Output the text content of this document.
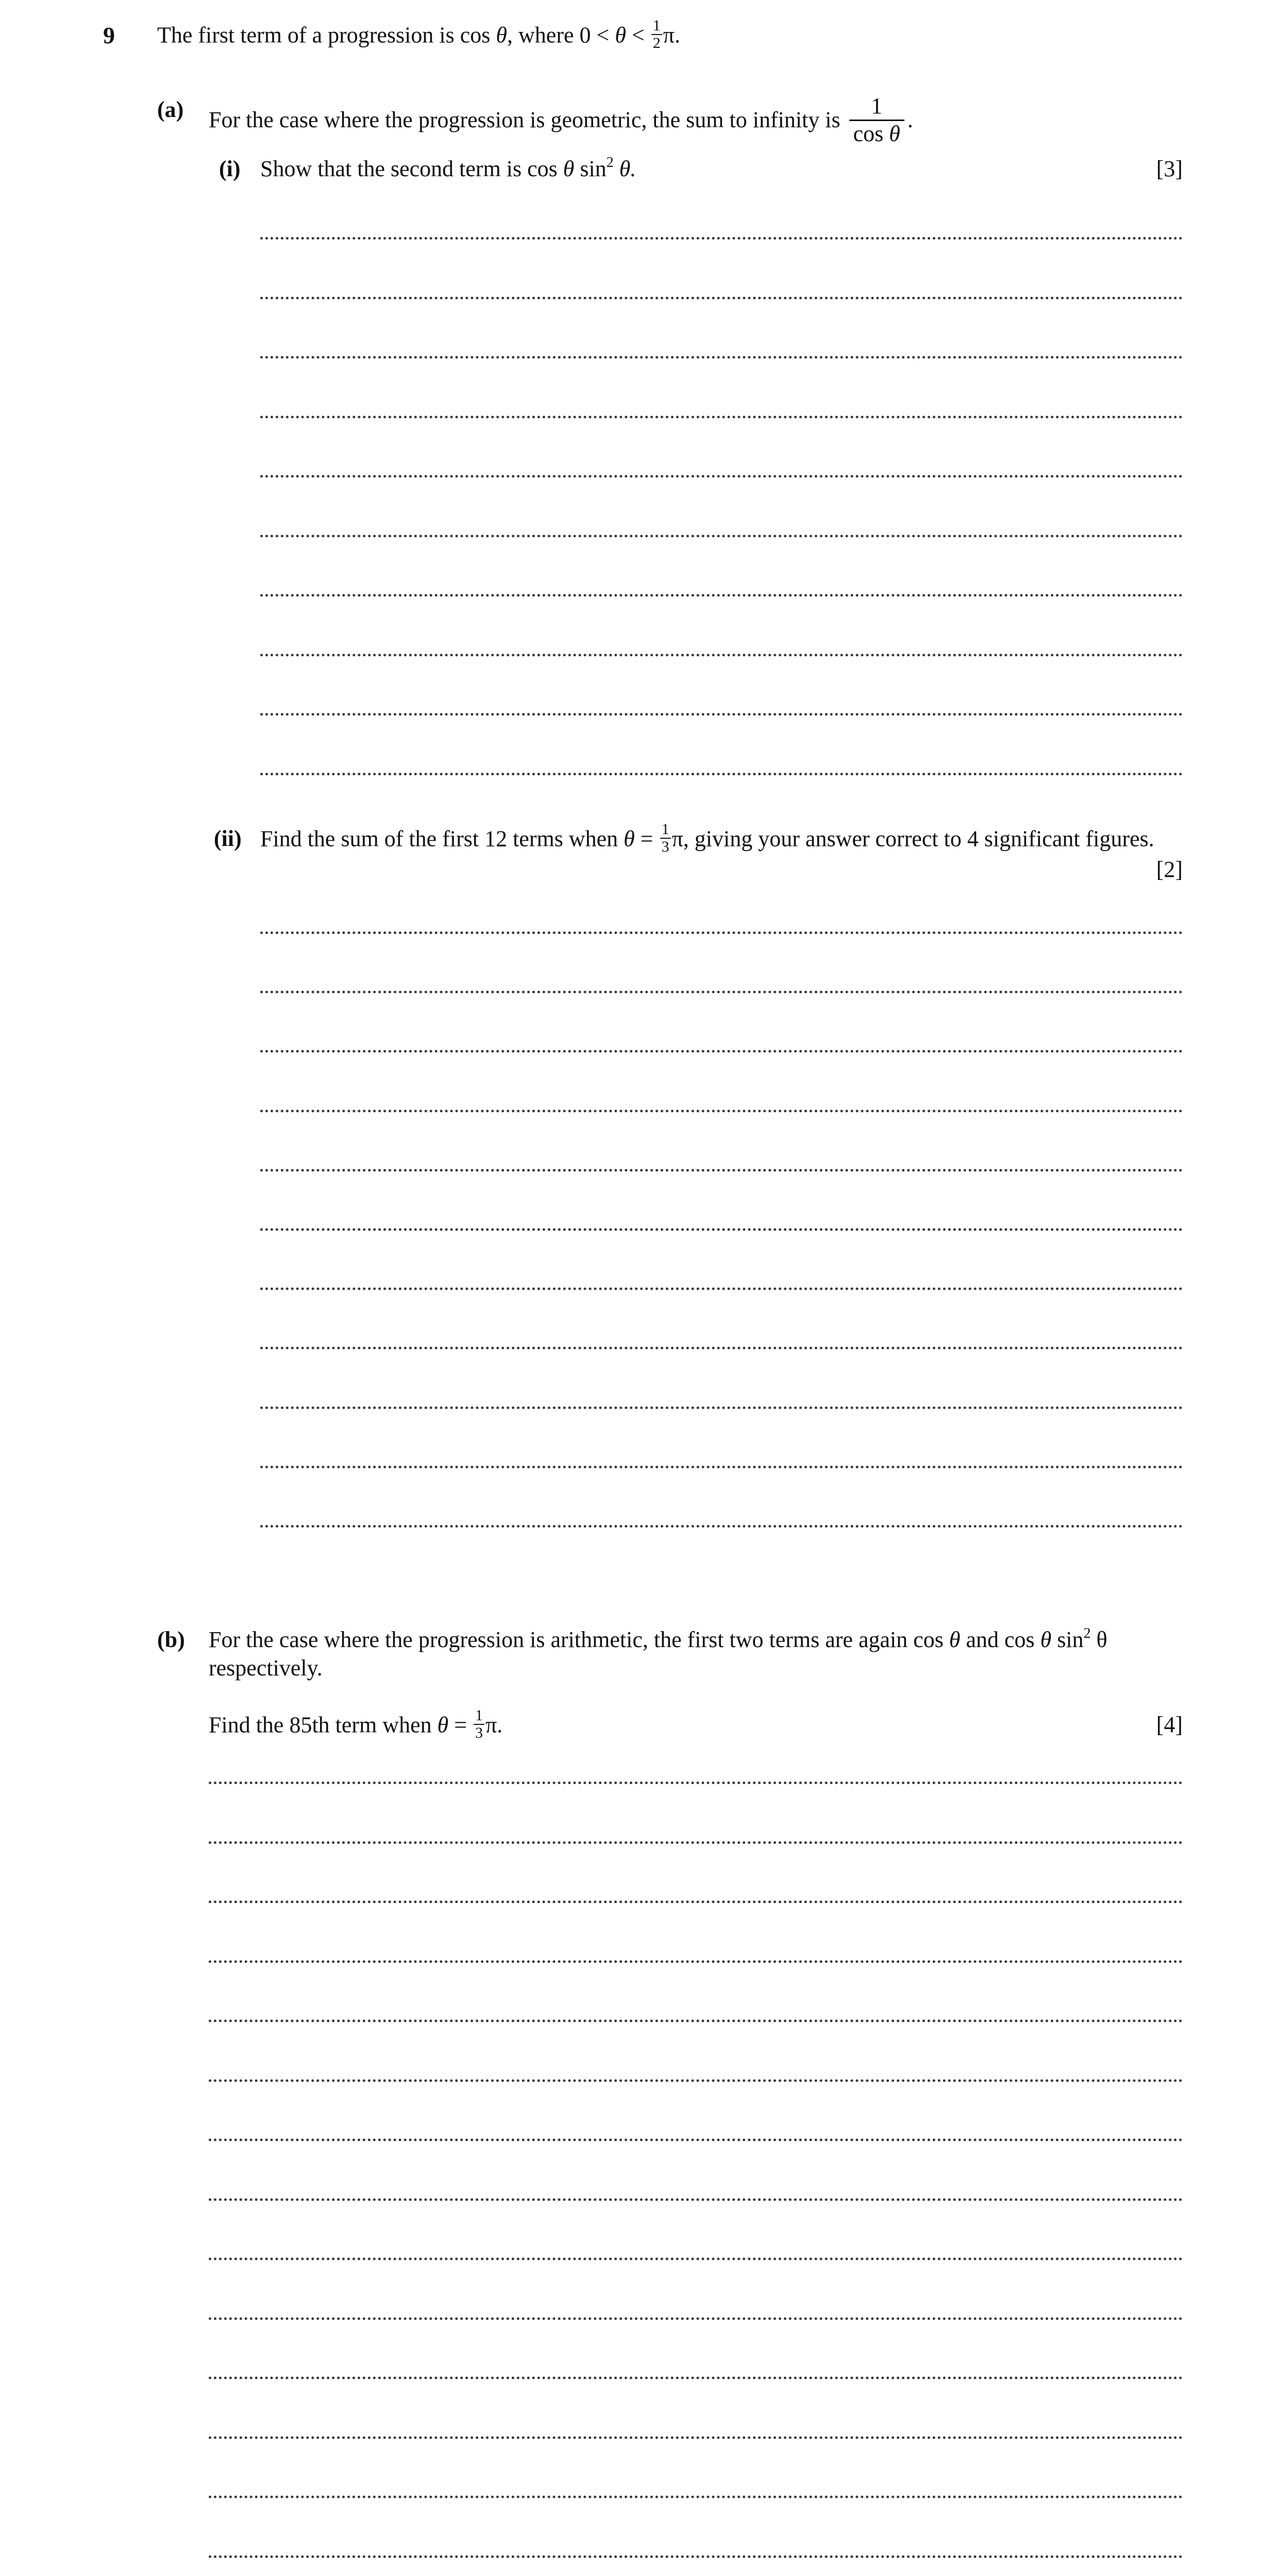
9 The first term of a progression is cos θ, where $0 < \theta < \frac{1}{2} \pi$.
(a) For the case where the progression is geometric, the sum to infinity is $\frac{1}{\text{cos θ}}$ .
(i) Show that the second term is cos θ $\sin^2 \theta$.	[3]
(ii) Find the sum of the first 12 terms when $\theta = \frac{1}{3} \pi$, giving your answer correct to 4 significant figures.
[2]
(b) For the case where the progression is arithmetic, the first two terms are again cos θ and cos θ $\sin^2 \theta$ respectively.
Find the 85th term when $\theta = \frac{1}{3} \pi$.	[4]
